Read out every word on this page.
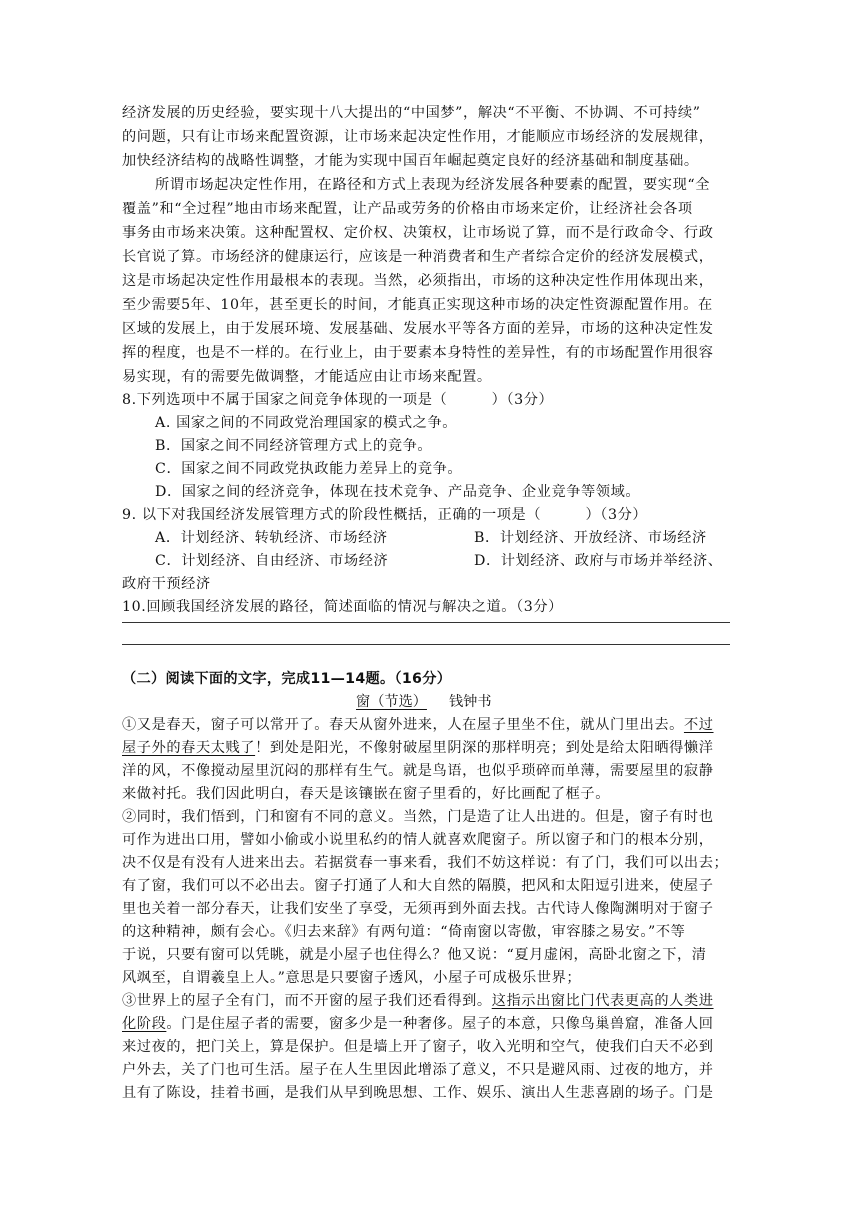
经济发展的历史经验，要实现十八大提出的“中国梦”，解决“不平衡、不协调、不可持续”
的问题，只有让市场来配置资源，让市场来起决定性作用，才能顺应市场经济的发展规律，
加快经济结构的战略性调整，才能为实现中国百年崛起奠定良好的经济基础和制度基础。
所谓市场起决定性作用，在路径和方式上表现为经济发展各种要素的配置，要实现“全
覆盖”和“全过程”地由市场来配置，让产品或劳务的价格由市场来定价，让经济社会各项
事务由市场来决策。这种配置权、定价权、决策权，让市场说了算，而不是行政命令、行政
长官说了算。市场经济的健康运行，应该是一种消费者和生产者综合定价的经济发展模式，
这是市场起决定性作用最根本的表现。当然，必须指出，市场的这种决定性作用体现出来，
至少需要5年、10年，甚至更长的时间，才能真正实现这种市场的决定性资源配置作用。在
区域的发展上，由于发展环境、发展基础、发展水平等各方面的差异，市场的这种决定性发
挥的程度，也是不一样的。在行业上，由于要素本身特性的差异性，有的市场配置作用很容
易实现，有的需要先做调整，才能适应由让市场来配置。
8.下列选项中不属于国家之间竞争体现的一项是（　　　）（3分）
A. 国家之间的不同政党治理国家的模式之争。
B．国家之间不同经济管理方式上的竞争。
C．国家之间不同政党执政能力差异上的竞争。
D．国家之间的经济竞争，体现在技术竞争、产品竞争、企业竞争等领域。
9. 以下对我国经济发展管理方式的阶段性概括，正确的一项是（　　　）（3分）
A．计划经济、转轨经济、市场经济	B．计划经济、开放经济、市场经济
C．计划经济、自由经济、市场经济	D．计划经济、政府与市场并举经济、
政府干预经济
10.回顾我国经济发展的路径，简述面临的情况与解决之道。（3分）
（二）阅读下面的文字，完成11—14题。（16分）
窗（节选） 钱钟书
①又是春天，窗子可以常开了。春天从窗外进来，人在屋子里坐不住，就从门里出去。不过
屋子外的春天太贱了！到处是阳光，不像射破屋里阴深的那样明亮；到处是给太阳晒得懒洋
洋的风，不像搅动屋里沉闷的那样有生气。就是鸟语，也似乎琐碎而单薄，需要屋里的寂静
来做衬托。我们因此明白，春天是该镶嵌在窗子里看的，好比画配了框子。
②同时，我们悟到，门和窗有不同的意义。当然，门是造了让人出进的。但是，窗子有时也
可作为进出口用，譬如小偷或小说里私约的情人就喜欢爬窗子。所以窗子和门的根本分别，
决不仅是有没有人进来出去。若据赏春一事来看，我们不妨这样说：有了门，我们可以出去；
有了窗，我们可以不必出去。窗子打通了人和大自然的隔膜，把风和太阳逗引进来，使屋子
里也关着一部分春天，让我们安坐了享受，无须再到外面去找。古代诗人像陶渊明对于窗子
的这种精神，颇有会心。《归去来辞》有两句道：“倚南窗以寄傲，审容膝之易安。”不等
于说，只要有窗可以凭眺，就是小屋子也住得么？他又说：“夏月虚闲，高卧北窗之下，清
风飒至，自谓羲皇上人。”意思是只要窗子透风，小屋子可成极乐世界；
③世界上的屋子全有门，而不开窗的屋子我们还看得到。这指示出窗比门代表更高的人类进
化阶段。门是住屋子者的需要，窗多少是一种奢侈。屋子的本意，只像鸟巢兽窟，准备人回
来过夜的，把门关上，算是保护。但是墙上开了窗子，收入光明和空气，使我们白天不必到
户外去，关了门也可生活。屋子在人生里因此增添了意义，不只是避风雨、过夜的地方，并
且有了陈设，挂着书画，是我们从早到晚思想、工作、娱乐、演出人生悲喜剧的场子。门是
